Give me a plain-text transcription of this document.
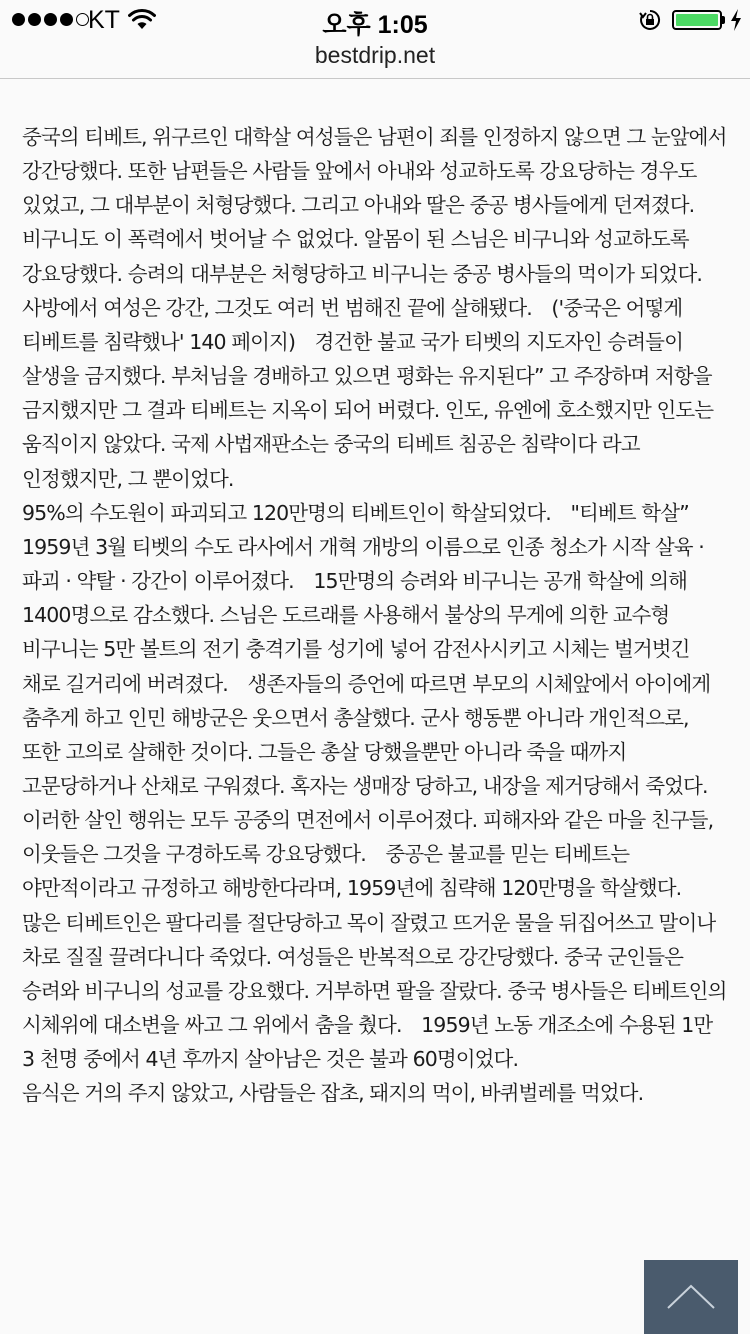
KT	오후 1:05
bestdrip.net
중국의 티베트, 위구르인 대학살 여성들은 남편이 죄를 인정하지 않으면 그 눈앞에서 강간당했다. 또한 남편들은 사람들 앞에서 아내와 성교하도록 강요당하는 경우도 있었고, 그 대부분이 처형당했다. 그리고 아내와 딸은 중공 병사들에게 던져졌다. 비구니도 이 폭력에서 벗어날 수 없었다. 알몸이 된 스님은 비구니와 성교하도록 강요당했다. 승려의 대부분은 처형당하고 비구니는 중공 병사들의 먹이가 되었다. 사방에서 여성은 강간, 그것도 여러 번 범해진 끝에 살해됐다.　('중국은 어떻게 티베트를 침략했나' 140 페이지)　경건한 불교 국가 티벳의 지도자인 승려들이 살생을 금지했다. 부처님을 경배하고 있으면 평화는 유지된다” 고 주장하며 저항을 금지했지만 그 결과 티베트는 지옥이 되어 버렸다. 인도, 유엔에 호소했지만 인도는 움직이지 않았다. 국제 사법재판소는 중국의 티베트 침공은 침략이다 라고 인정했지만, 그 뿐이었다.
95%의 수도원이 파괴되고 120만명의 티베트인이 학살되었다.　"티베트 학살”　1959년 3월 티벳의 수도 라사에서 개혁 개방의 이름으로 인종 청소가 시작 살육 · 파괴 · 약탈 · 강간이 이루어졌다.　15만명의 승려와 비구니는 공개 학살에 의해 1400명으로 감소했다. 스님은 도르래를 사용해서 불상의 무게에 의한 교수형 비구니는 5만 볼트의 전기 충격기를 성기에 넣어 감전사시키고 시체는 벌거벗긴 채로 길거리에 버려졌다.　생존자들의 증언에 따르면 부모의 시체앞에서 아이에게 춤추게 하고 인민 해방군은 웃으면서 총살했다. 군사 행동뿐 아니라 개인적으로, 또한 고의로 살해한 것이다. 그들은 총살 당했을뿐만 아니라 죽을 때까지 고문당하거나 산채로 구워졌다. 혹자는 생매장 당하고, 내장을 제거당해서 죽었다. 이러한 살인 행위는 모두 공중의 면전에서 이루어졌다. 피해자와 같은 마을 친구들, 이웃들은 그것을 구경하도록 강요당했다.　중공은 불교를 믿는 티베트는 야만적이라고 규정하고 해방한다라며, 1959년에 침략해 120만명을 학살했다.　많은 티베트인은 팔다리를 절단당하고 목이 잘렸고 뜨거운 물을 뒤집어쓰고 말이나 차로 질질 끌려다니다 죽었다. 여성들은 반복적으로 강간당했다. 중국 군인들은 승려와 비구니의 성교를 강요했다. 거부하면 팔을 잘랐다. 중국 병사들은 티베트인의 시체위에 대소변을 싸고 그 위에서 춤을 췄다.　1959년 노동 개조소에 수용된 1만 3 천명 중에서 4년 후까지 살아남은 것은 불과 60명이었다.
음식은 거의 주지 않았고, 사람들은 잡초, 돼지의 먹이, 바퀴벌레를 먹었다.
